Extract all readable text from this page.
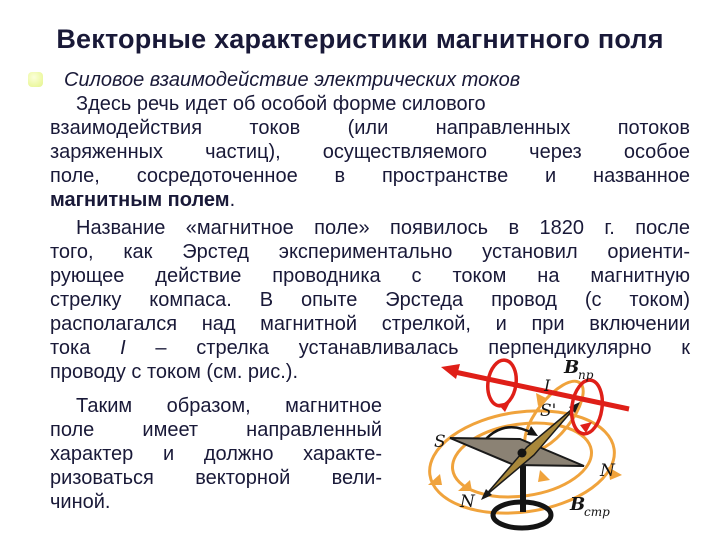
Векторные характеристики магнитного поля
Силовое взаимодействие электрических токов
Здесь речь идет об особой форме силового
взаимодействия токов (или направленных потоков
заряженных частиц), осуществляемого через особое
поле, сосредоточенное в пространстве и названное
магнитным полем.
Название «магнитное поле» появилось в 1820 г. после
того, как Эрстед экспериментально установил ориенти-
рующее действие проводника с током на магнитную
стрелку компаса. В опыте Эрстеда провод (с током)
располагался над магнитной стрелкой, и при включении
тока I – стрелка устанавливалась перпендикулярно к
проводу с током (см. рис.).
Таким образом, магнитное
поле имеет направленный
характер и должно характе-
ризоваться векторной вели-
чиной.
I
S'
S
N
N
B
пр
B
стр
